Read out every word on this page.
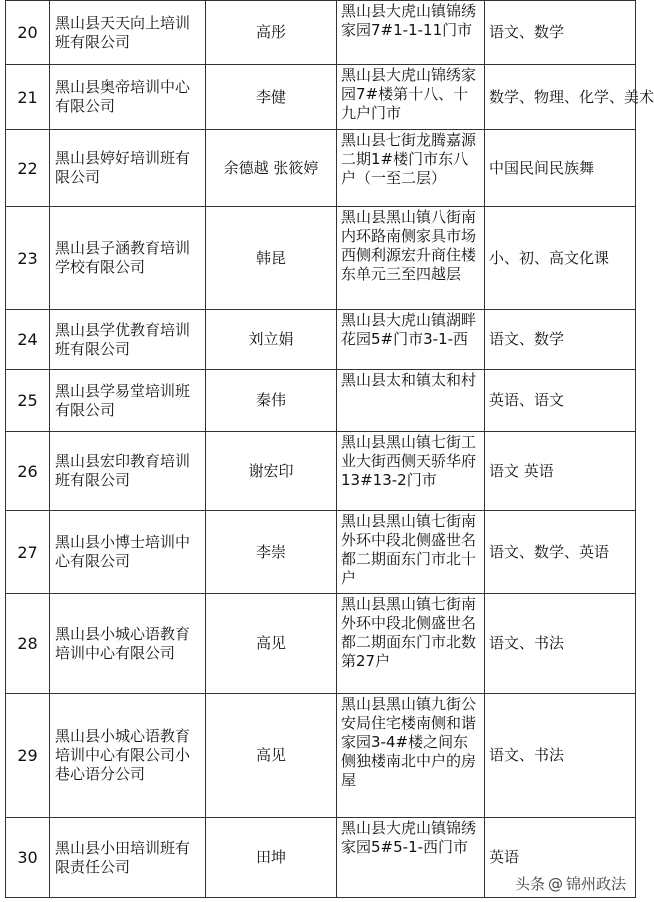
20	黑山县天天向上培训班有限公司	高彤	黑山县大虎山镇锦绣家园7#1-1-11门市	语文、数学
21	黑山县奥帝培训中心有限公司	李健	黑山县大虎山锦绣家园7#楼第十八、十九户门市	数学、物理、化学、美术
22	黑山县婷好培训班有限公司	余德越 张筱婷	黑山县七街龙腾嘉源二期1#楼门市东八户（一至二层）	中国民间民族舞
23	黑山县子涵教育培训学校有限公司	韩昆	黑山县黑山镇八街南内环路南侧家具市场西侧利源宏升商住楼东单元三至四越层	小、初、高文化课
24	黑山县学优教育培训班有限公司	刘立娟	黑山县大虎山镇湖畔花园5#门市3-1-西	语文、数学
25	黑山县学易堂培训班有限公司	秦伟	黑山县太和镇太和村	英语、语文
26	黑山县宏印教育培训班有限公司	谢宏印	黑山县黑山镇七街工业大街西侧天骄华府13#13-2门市	语文 英语
27	黑山县小博士培训中心有限公司	李崇	黑山县黑山镇七街南外环中段北侧盛世名都二期面东门市北十户	语文、数学、英语
28	黑山县小城心语教育培训中心有限公司	高见	黑山县黑山镇七街南外环中段北侧盛世名都二期面东门市北数第27户	语文、书法
29	黑山县小城心语教育培训中心有限公司小巷心语分公司	高见	黑山县黑山镇九街公安局住宅楼南侧和谐家园3-4#楼之间东侧独楼南北中户的房屋	语文、书法
30	黑山县小田培训班有限责任公司	田坤	黑山县大虎山镇锦绣家园5#5-1-西门市	英语
头条 @ 锦州政法
